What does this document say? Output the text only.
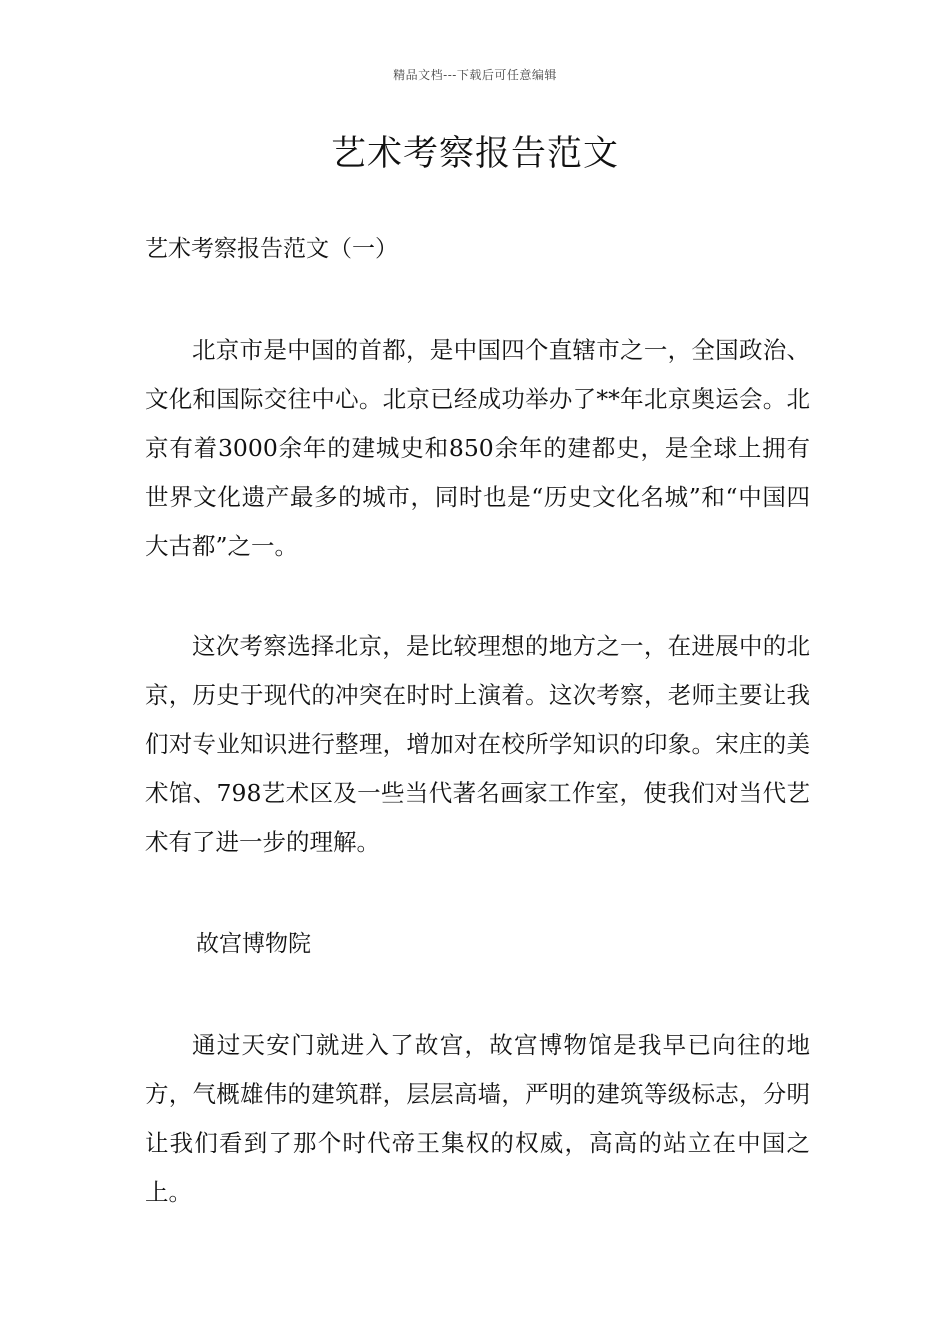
精品文档---下载后可任意编辑
艺术考察报告范文
艺术考察报告范文（一）

北京市是中国的首都，是中国四个直辖市之一，全国政治、文化和国际交往中心。北京已经成功举办了**年北京奥运会。北京有着3000余年的建城史和850余年的建都史，是全球上拥有世界文化遗产最多的城市，同时也是“历史文化名城”和“中国四大古都”之一。

这次考察选择北京，是比较理想的地方之一，在进展中的北京，历史于现代的冲突在时时上演着。这次考察，老师主要让我们对专业知识进行整理，增加对在校所学知识的印象。宋庄的美术馆、798艺术区及一些当代著名画家工作室，使我们对当代艺术有了进一步的理解。

故宫博物院

通过天安门就进入了故宫，故宫博物馆是我早已向往的地方，气概雄伟的建筑群，层层高墙，严明的建筑等级标志，分明让我们看到了那个时代帝王集权的权威，高高的站立在中国之上。
